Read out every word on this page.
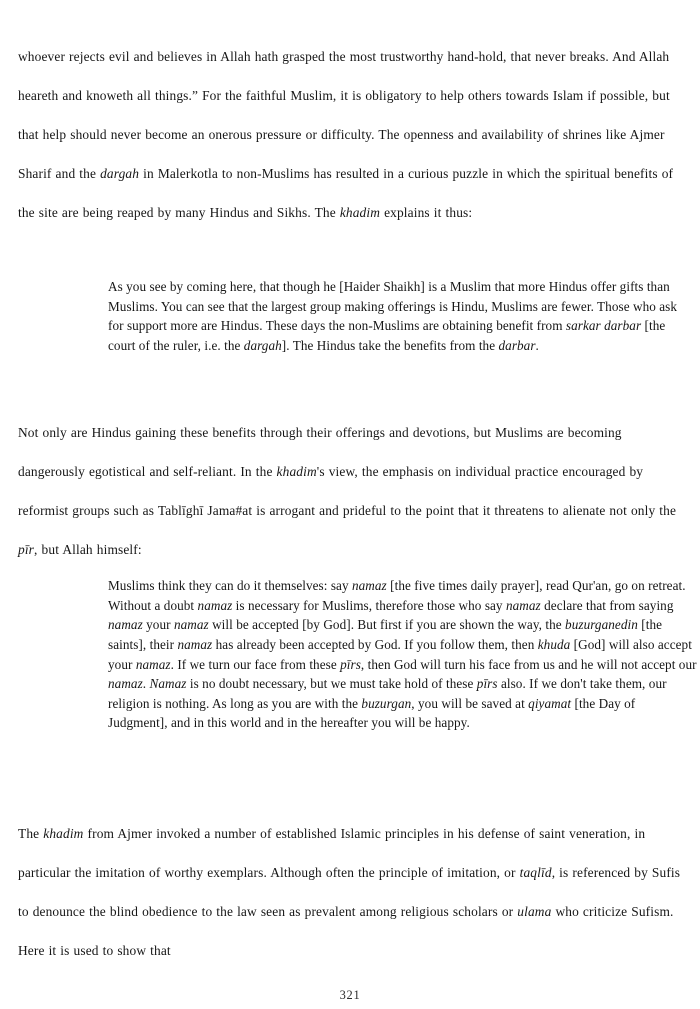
whoever rejects evil and believes in Allah hath grasped the most trustworthy hand-hold, that never breaks. And Allah heareth and knoweth all things.” For the faithful Muslim, it is obligatory to help others towards Islam if possible, but that help should never become an onerous pressure or difficulty. The openness and availability of shrines like Ajmer Sharif and the dargah in Malerkotla to non-Muslims has resulted in a curious puzzle in which the spiritual benefits of the site are being reaped by many Hindus and Sikhs. The khadim explains it thus:

As you see by coming here, that though he [Haider Shaikh] is a Muslim that more Hindus offer gifts than Muslims. You can see that the largest group making offerings is Hindu, Muslims are fewer. Those who ask for support more are Hindus. These days the non-Muslims are obtaining benefit from sarkar darbar [the court of the ruler, i.e. the dargah]. The Hindus take the benefits from the darbar.

Not only are Hindus gaining these benefits through their offerings and devotions, but Muslims are becoming dangerously egotistical and self-reliant. In the khadim's view, the emphasis on individual practice encouraged by reformist groups such as Tablīghī Jama#at is arrogant and prideful to the point that it threatens to alienate not only the pīr, but Allah himself:

Muslims think they can do it themselves: say namaz [the five times daily prayer], read Qur'an, go on retreat. Without a doubt namaz is necessary for Muslims, therefore those who say namaz declare that from saying namaz your namaz will be accepted [by God]. But first if you are shown the way, the buzurganedin [the saints], their namaz has already been accepted by God. If you follow them, then khuda [God] will also accept your namaz. If we turn our face from these pīrs, then God will turn his face from us and he will not accept our namaz. Namaz is no doubt necessary, but we must take hold of these pīrs also. If we don't take them, our religion is nothing. As long as you are with the buzurgan, you will be saved at qiyamat [the Day of Judgment], and in this world and in the hereafter you will be happy.

The khadim from Ajmer invoked a number of established Islamic principles in his defense of saint veneration, in particular the imitation of worthy exemplars. Although often the principle of imitation, or taqlīd, is referenced by Sufis to denounce the blind obedience to the law seen as prevalent among religious scholars or ulama who criticize Sufism. Here it is used to show that

321
